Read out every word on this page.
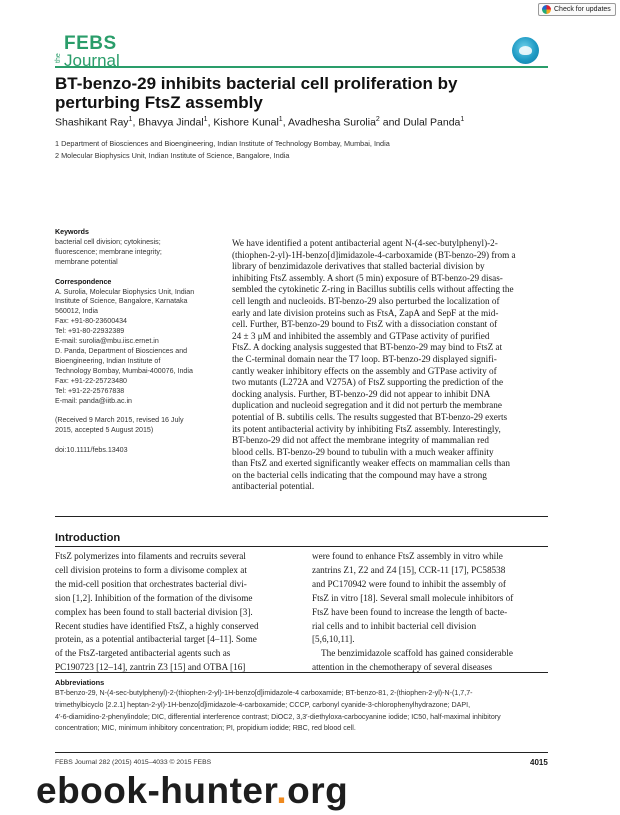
Check for updates
the
FEBS
Journal
BT-benzo-29 inhibits bacterial cell proliferation by
perturbing FtsZ assembly
Shashikant Ray$^1$, Bhavya Jindal$^1$, Kishore Kunal$^1$, Avadhesha Surolia$^2$ and Dulal Panda$^1$
1 Department of Biosciences and Bioengineering, Indian Institute of Technology Bombay, Mumbai, India
2 Molecular Biophysics Unit, Indian Institute of Science, Bangalore, India
Keywords
bacterial cell division; cytokinesis;
fluorescence; membrane integrity;
membrane potential
Correspondence
A. Surolia, Molecular Biophysics Unit, Indian
Institute of Science, Bangalore, Karnataka
560012, India
Fax: +91-80-23600434
Tel: +91-80-22932389
E-mail: surolia@mbu.iisc.ernet.in
D. Panda, Department of Biosciences and
Bioengineering, Indian Institute of
Technology Bombay, Mumbai-400076, India
Fax: +91-22-25723480
Tel: +91-22-25767838
E-mail: panda@iitb.ac.in
(Received 9 March 2015, revised 16 July
2015, accepted 5 August 2015)
doi:10.1111/febs.13403
We have identified a potent antibacterial agent N-(4-sec-butylphenyl)-2-
(thiophen-2-yl)-1H-benzo[d]imidazole-4-carboxamide (BT-benzo-29) from a
library of benzimidazole derivatives that stalled bacterial division by
inhibiting FtsZ assembly. A short (5 min) exposure of BT-benzo-29 disas-
sembled the cytokinetic Z-ring in Bacillus subtilis cells without affecting the
cell length and nucleoids. BT-benzo-29 also perturbed the localization of
early and late division proteins such as FtsA, ZapA and SepF at the mid-
cell. Further, BT-benzo-29 bound to FtsZ with a dissociation constant of
24 ± 3 μM and inhibited the assembly and GTPase activity of purified
FtsZ. A docking analysis suggested that BT-benzo-29 may bind to FtsZ at
the C-terminal domain near the T7 loop. BT-benzo-29 displayed signifi-
cantly weaker inhibitory effects on the assembly and GTPase activity of
two mutants (L272A and V275A) of FtsZ supporting the prediction of the
docking analysis. Further, BT-benzo-29 did not appear to inhibit DNA
duplication and nucleoid segregation and it did not perturb the membrane
potential of B. subtilis cells. The results suggested that BT-benzo-29 exerts
its potent antibacterial activity by inhibiting FtsZ assembly. Interestingly,
BT-benzo-29 did not affect the membrane integrity of mammalian red
blood cells. BT-benzo-29 bound to tubulin with a much weaker affinity
than FtsZ and exerted significantly weaker effects on mammalian cells than
on the bacterial cells indicating that the compound may have a strong
antibacterial potential.
Introduction
FtsZ polymerizes into filaments and recruits several
cell division proteins to form a divisome complex at
the mid-cell position that orchestrates bacterial divi-
sion [1,2]. Inhibition of the formation of the divisome
complex has been found to stall bacterial division [3].
Recent studies have identified FtsZ, a highly conserved
protein, as a potential antibacterial target [4–11]. Some
of the FtsZ-targeted antibacterial agents such as
PC190723 [12–14], zantrin Z3 [15] and OTBA [16]
were found to enhance FtsZ assembly in vitro while
zantrins Z1, Z2 and Z4 [15], CCR-11 [17], PC58538
and PC170942 were found to inhibit the assembly of
FtsZ in vitro [18]. Several small molecule inhibitors of
FtsZ have been found to increase the length of bacte-
rial cells and to inhibit bacterial cell division
[5,6,10,11].
The benzimidazole scaffold has gained considerable
attention in the chemotherapy of several diseases
Abbreviations
BT-benzo-29, N-(4-sec-butylphenyl)-2-(thiophen-2-yl)-1H-benzo[d]imidazole-4 carboxamide; BT-benzo-81, 2-(thiophen-2-yl)-N-(1,7,7-
trimethylbicyclo [2.2.1] heptan-2-yl)-1H-benzo[d]imidazole-4-carboxamide; CCCP, carbonyl cyanide-3-chlorophenylhydrazone; DAPI,
4′-6-diamidino-2-phenylindole; DIC, differential interference contrast; DiOC2, 3,3′-diethyloxa-carbocyanine iodide; IC50, half-maximal inhibitory
concentration; MIC, minimum inhibitory concentration; PI, propidium iodide; RBC, red blood cell.
FEBS Journal 282 (2015) 4015–4033 © 2015 FEBS	4015
ebook-hunter.org
